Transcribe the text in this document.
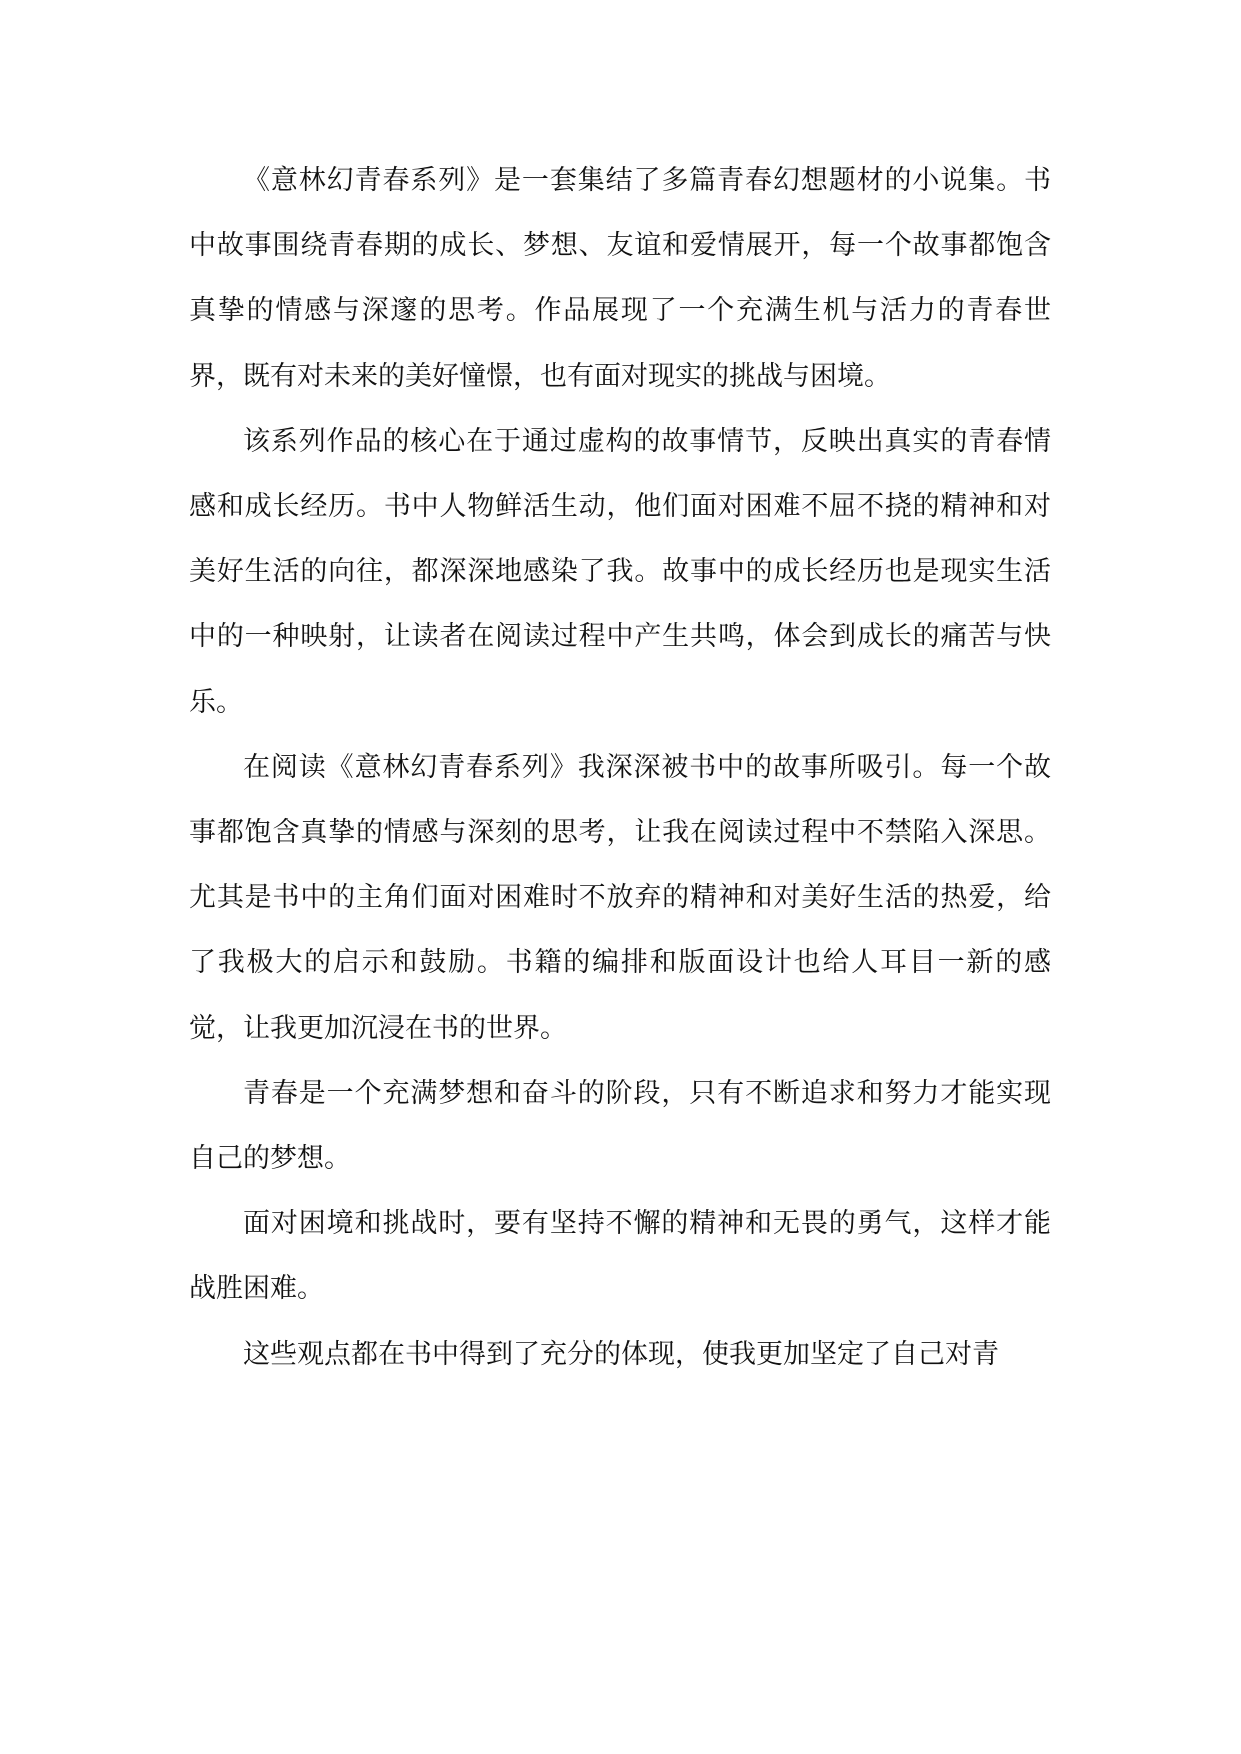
《意林幻青春系列》是一套集结了多篇青春幻想题材的小说集。书中故事围绕青春期的成长、梦想、友谊和爱情展开，每一个故事都饱含真挚的情感与深邃的思考。作品展现了一个充满生机与活力的青春世界，既有对未来的美好憧憬，也有面对现实的挑战与困境。

该系列作品的核心在于通过虚构的故事情节，反映出真实的青春情感和成长经历。书中人物鲜活生动，他们面对困难不屈不挠的精神和对美好生活的向往，都深深地感染了我。故事中的成长经历也是现实生活中的一种映射，让读者在阅读过程中产生共鸣，体会到成长的痛苦与快乐。

在阅读《意林幻青春系列》我深深被书中的故事所吸引。每一个故事都饱含真挚的情感与深刻的思考，让我在阅读过程中不禁陷入深思。尤其是书中的主角们面对困难时不放弃的精神和对美好生活的热爱，给了我极大的启示和鼓励。书籍的编排和版面设计也给人耳目一新的感觉，让我更加沉浸在书的世界。

青春是一个充满梦想和奋斗的阶段，只有不断追求和努力才能实现自己的梦想。

面对困境和挑战时，要有坚持不懈的精神和无畏的勇气，这样才能战胜困难。

这些观点都在书中得到了充分的体现，使我更加坚定了自己对青
